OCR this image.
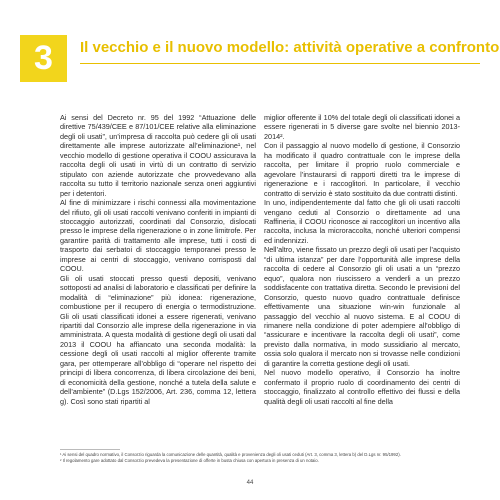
3	Il vecchio e il nuovo modello: attività operative a confronto

Ai sensi del Decreto nr. 95 del 1992 “Attuazione delle direttive 75/439/CEE e 87/101/CEE relative alla eliminazione degli oli usati”, un’impresa di raccolta può cedere gli oli usati direttamente alle imprese autorizzate all’eliminazione¹, nel vecchio modello di gestione operativa il COOU assicurava la raccolta degli oli usati in virtù di un contratto di servizio stipulato con aziende autorizzate che provvedevano alla raccolta su tutto il territorio nazionale senza oneri aggiuntivi per i detentori.

Al fine di minimizzare i rischi connessi alla movimentazione del rifiuto, gli oli usati raccolti venivano conferiti in impianti di stoccaggio autorizzati, coordinati dal Consorzio, dislocati presso le imprese della rigenerazione o in zone limitrofe. Per garantire parità di trattamento alle imprese, tutti i costi di trasporto dai serbatoi di stoccaggio temporanei presso le imprese ai centri di stoccaggio, venivano corrisposti dal COOU.

Gli oli usati stoccati presso questi depositi, venivano sottoposti ad analisi di laboratorio e classificati per definire la modalità di “eliminazione” più idonea: rigenerazione, combustione per il recupero di energia o termodistruzione. Gli oli usati classificati idonei a essere rigenerati, venivano ripartiti dal Consorzio alle imprese della rigenerazione in via amministrata. A questa modalità di gestione degli oli usati dal 2013 il COOU ha affiancato una seconda modalità: la cessione degli oli usati raccolti al miglior offerente tramite gara, per ottemperare all’obbligo di “operare nel rispetto dei principi di libera concorrenza, di libera circolazione dei beni, di economicità della gestione, nonché a tutela della salute e dell’ambiente” (D.Lgs 152/2006, Art. 236, comma 12, lettera g). Così sono stati ripartiti al

miglior offerente il 10% del totale degli oli classificati idonei a essere rigenerati in 5 diverse gare svolte nel biennio 2013-2014².

Con il passaggio al nuovo modello di gestione, il Consorzio ha modificato il quadro contrattuale con le imprese della raccolta, per limitare il proprio ruolo commerciale e agevolare l’instaurarsi di rapporti diretti tra le imprese di rigenerazione e i raccoglitori. In particolare, il vecchio contratto di servizio è stato sostituito da due contratti distinti.

In uno, indipendentemente dal fatto che gli oli usati raccolti vengano ceduti al Consorzio o direttamente ad una Raffineria, il COOU riconosce ai raccoglitori un incentivo alla raccolta, inclusa la microraccolta, nonché ulteriori compensi ed indennizzi.

Nell’altro, viene fissato un prezzo degli oli usati per l’acquisto “di ultima istanza” per dare l’opportunità alle imprese della raccolta di cedere al Consorzio gli oli usati a un “prezzo equo”, qualora non riuscissero a venderli a un prezzo soddisfacente con trattativa diretta. Secondo le previsioni del Consorzio, questo nuovo quadro contrattuale definisce effettivamente una situazione win-win funzionale al passaggio del vecchio al nuovo sistema. E al COOU di rimanere nella condizione di poter adempiere all’obbligo di “assicurare e incentivare la raccolta degli oli usati”, come previsto dalla normativa, in modo sussidiario al mercato, ossia solo qualora il mercato non si trovasse nelle condizioni di garantire la corretta gestione degli oli usati.

Nel nuovo modello operativo, il Consorzio ha inoltre confermato il proprio ruolo di coordinamento dei centri di stoccaggio, finalizzato al controllo effettivo dei flussi e della qualità degli oli usati raccolti al fine della

¹ Ai sensi del quadro normativo, il Consorzio riguarda la comunicazione delle quantità, qualità e provenienza degli oli usati ceduti (Art. 3, comma 3, lettera b) del D.Lgs nr. 95/1992).

² Il regolamento gare adottato dal Consorzio prevedeva la presentazione di offerte in busta chiusa con apertura in presenza di un notaio.

44
